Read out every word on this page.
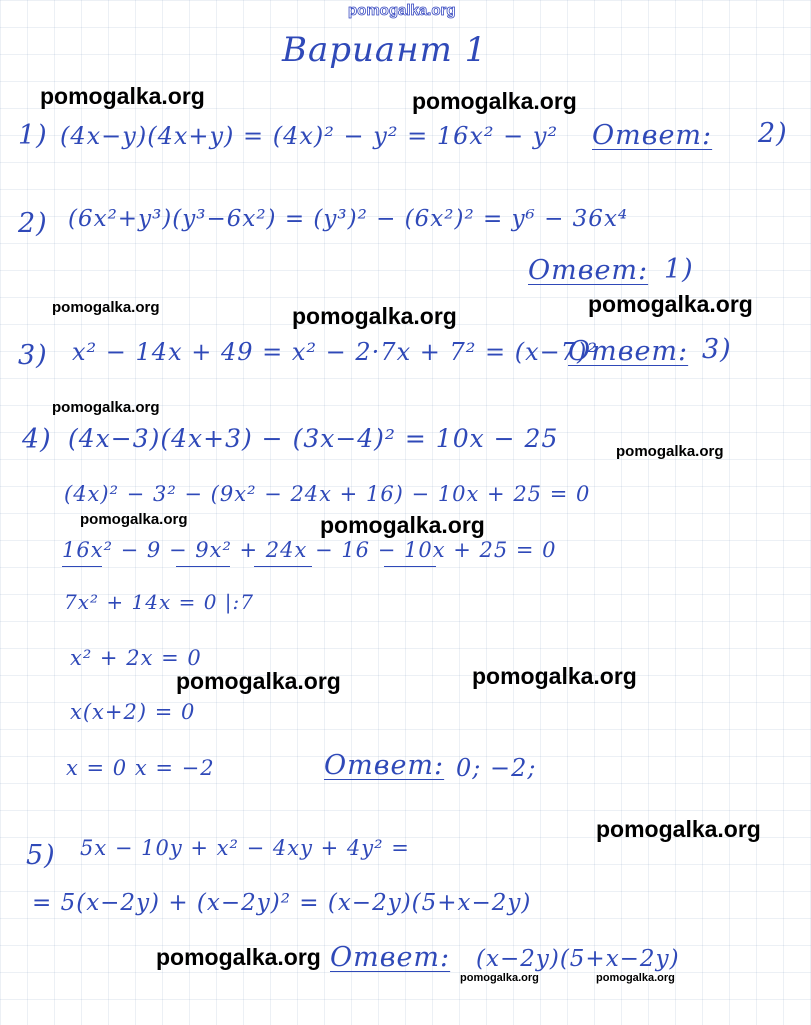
pomogalka.org
Вариант 1
1) (4x−y)(4x+y) = (4x)² − y² = 16x² − y² Ответ: 2)
2) (6x²+y³)(y³−6x²) = (y³)² − (6x²)² = y⁶ − 36x⁴
Ответ: 1)
3) x² − 14x + 49 = x² − 2·7x + 7² = (x−7)²
Ответ: 3)
4) (4x−3)(4x+3) − (3x−4)² = 10x − 25
(4x)² − 3² − (9x² − 24x + 16) − 10x + 25 = 0
16x² − 9 − 9x² + 24x − 16 − 10x + 25 = 0
7x² + 14x = 0 |:7
x² + 2x = 0
x(x+2) = 0
x = 0 x = −2	Ответ: 0; −2;
5) 5x − 10y + x² − 4xy + 4y² =
= 5(x−2y) + (x−2y)² = (x−2y)(5+x−2y)
Ответ: (x−2y)(5+x−2y)
pomogalka.org	pomogalka.org
pomogalka.org	pomogalka.org	pomogalka.org
pomogalka.org
pomogalka.org
pomogalka.org	pomogalka.org
pomogalka.org	pomogalka.org
pomogalka.org
pomogalka.org
pomogalka.org	pomogalka.org
